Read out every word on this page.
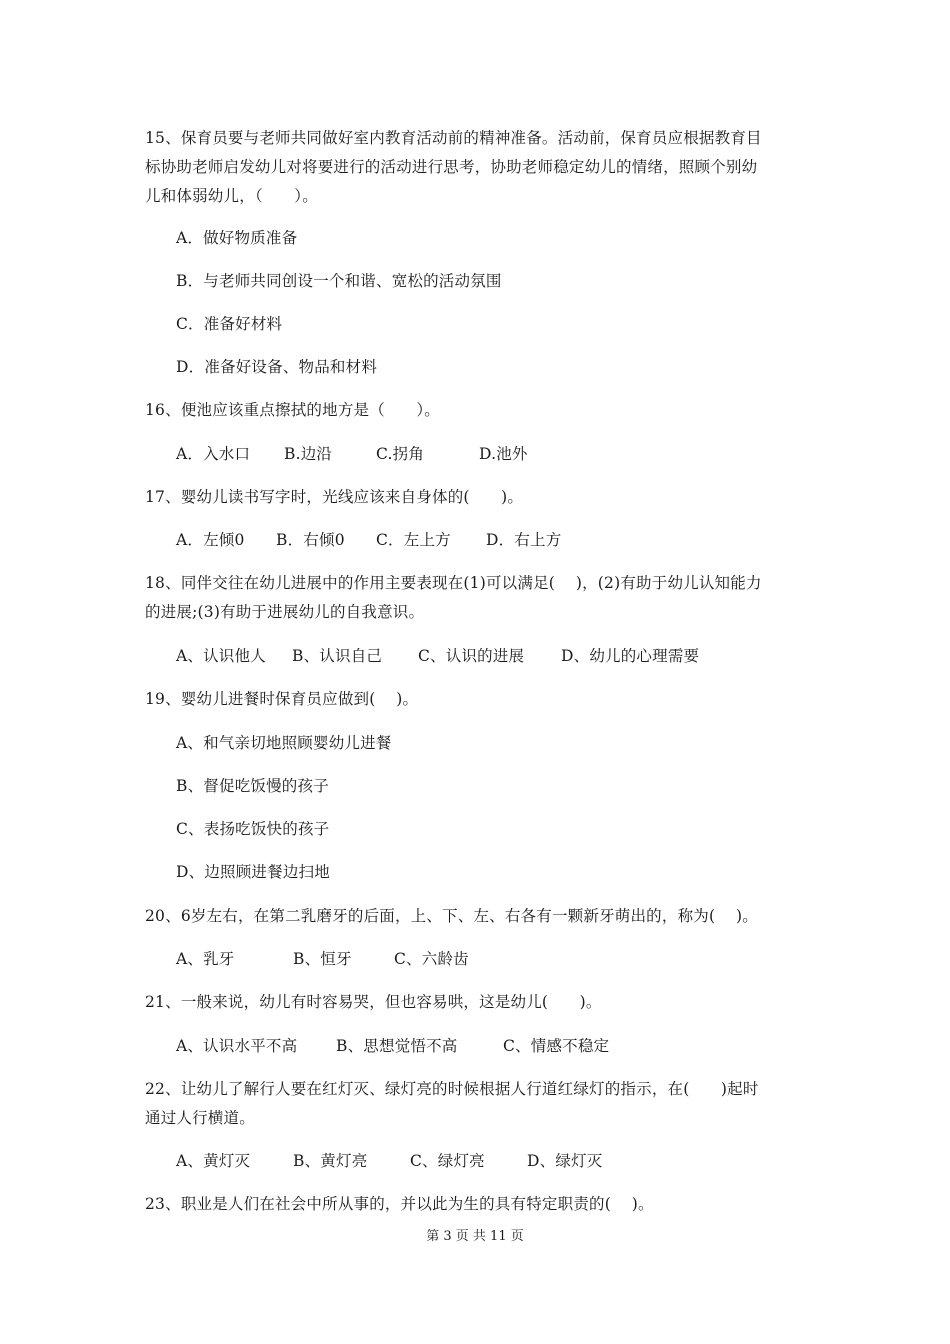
15、保育员要与老师共同做好室内教育活动前的精神准备。活动前，保育员应根据教育目
标协助老师启发幼儿对将要进行的活动进行思考，协助老师稳定幼儿的情绪，照顾个别幼
儿和体弱幼儿，（　　）。
A．做好物质准备
B．与老师共同创设一个和谐、宽松的活动氛围
C．准备好材料
D．准备好设备、物品和材料
16、便池应该重点擦拭的地方是（　　）。
A．入水口 B.边沿	C.拐角	D.池外
17、婴幼儿读书写字时，光线应该来自身体的(　　)。
A．左倾0 B．右倾0 C．左上方 D．右上方
18、同伴交往在幼儿进展中的作用主要表现在(1)可以满足(　 )，(2)有助于幼儿认知能力
的进展;(3)有助于进展幼儿的自我意识。
A、认识他人 B、认识自己 C、认识的进展 D、幼儿的心理需要
19、婴幼儿进餐时保育员应做到(　 )。
A、和气亲切地照顾婴幼儿进餐
B、督促吃饭慢的孩子
C、表扬吃饭快的孩子
D、边照顾进餐边扫地
20、6岁左右，在第二乳磨牙的后面，上、下、左、右各有一颗新牙萌出的，称为(　 )。
A、乳牙	B、恒牙	C、六龄齿
21、一般来说，幼儿有时容易哭，但也容易哄，这是幼儿(　　)。
A、认识水平不高 B、思想觉悟不高	C、情感不稳定
22、让幼儿了解行人要在红灯灭、绿灯亮的时候根据人行道红绿灯的指示，在(　　)起时
通过人行横道。
A、黄灯灭	B、黄灯亮	C、绿灯亮	D、绿灯灭
23、职业是人们在社会中所从事的，并以此为生的具有特定职责的(　 )。
第 3 页 共 11 页
